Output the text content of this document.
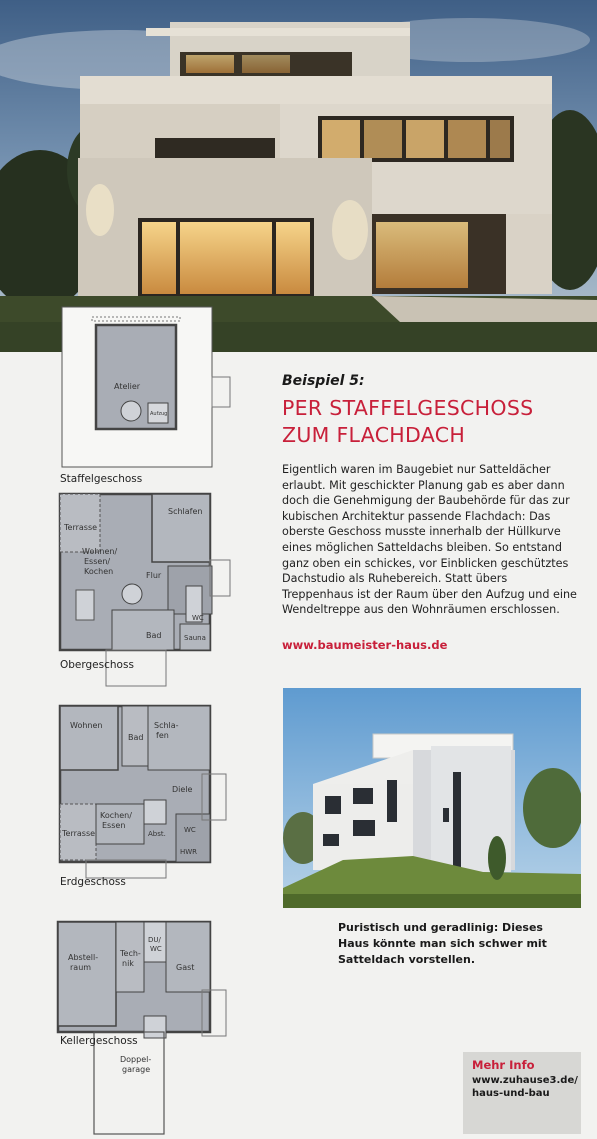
Atelier
Aufzug
Staffelgeschoss
Terrasse
Schlafen
Wohnen/
Essen/
Kochen	Flur
WC
Bad	Sauna
Obergeschoss
Wohnen
Bad
Schla-
fen
Diele
Kochen/
Essen
Terrasse	Abst.	WC
HWR
Erdgeschoss
Abstell-
raum
Tech-
nik
DU/
WC
Gast
Doppel-
garage
Kellergeschoss
Beispiel 5:
PER STAFFELGESCHOSS
ZUM FLACHDACH
Eigentlich waren im Baugebiet nur Satteldächer erlaubt. Mit geschickter Planung gab es aber dann doch die Genehmigung der Baubehörde für das zur kubischen Architektur passende Flachdach: Das oberste Geschoss musste innerhalb der Hüllkurve eines möglichen Satteldachs bleiben. So entstand ganz oben ein schickes, vor Einblicken geschütztes Dachstudio als Ruhebereich. Statt übers Treppenhaus ist der Raum über den Aufzug und eine Wendeltreppe aus den Wohnräumen erschlossen.
www.baumeister-haus.de
Puristisch und geradlinig: Dieses Haus könnte man sich schwer mit Satteldach vorstellen.
Mehr Info
www.zuhause3.de/ haus-und-bau
